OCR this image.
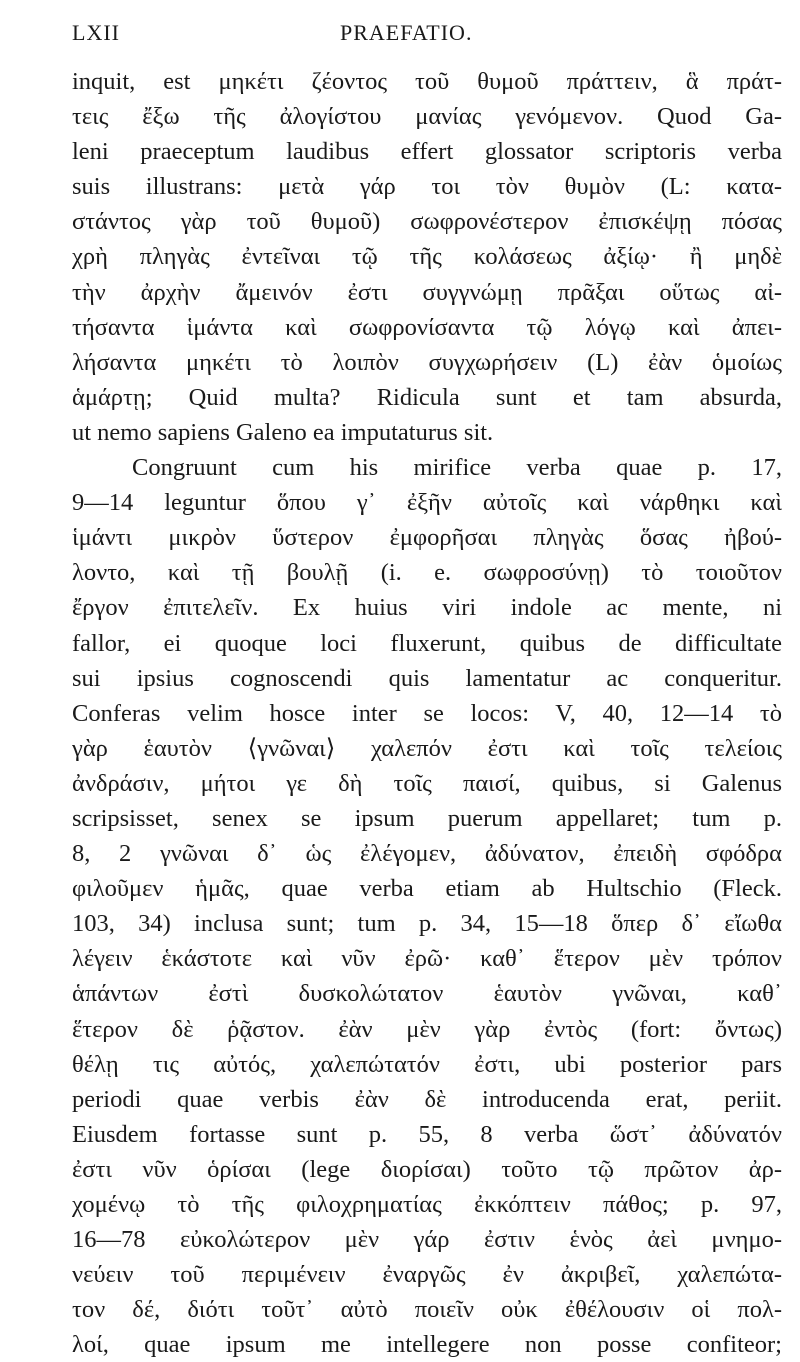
LXII	PRAEFATIO.
inquit, est μηκέτι ζέοντος τοῦ θυμοῦ πράττειν, ἃ πράτ-
τεις ἔξω τῆς ἀλογίστου μανίας γενόμενον. Quod Ga-
leni praeceptum laudibus effert glossator scriptoris verba
suis illustrans: μετὰ γάρ τοι τὸν θυμὸν (L: κατα-
στάντος γὰρ τοῦ θυμοῦ) σωφρονέστερον ἐπισκέψῃ πόσας
χρὴ πληγὰς ἐντεῖναι τῷ τῆς κολάσεως ἀξίῳ· ἢ μηδὲ
τὴν ἀρχὴν ἄμεινόν ἐστι συγγνώμῃ πρᾶξαι οὕτως αἰ-
τήσαντα ἱμάντα καὶ σωφρονίσαντα τῷ λόγῳ καὶ ἀπει-
λήσαντα μηκέτι τὸ λοιπὸν συγχωρήσειν (L) ἐὰν ὁμοίως
ἁμάρτῃ; Quid multa? Ridicula sunt et tam absurda,
ut nemo sapiens Galeno ea imputaturus sit.
Congruunt cum his mirifice verba quae p. 17,
9—14 leguntur ὅπου γ᾽ ἐξῆν αὐτοῖς καὶ νάρθηκι καὶ
ἱμάντι μικρὸν ὕστερον ἐμφορῆσαι πληγὰς ὅσας ἠβού-
λοντο, καὶ τῇ βουλῇ (i. e. σωφροσύνῃ) τὸ τοιοῦτον
ἔργον ἐπιτελεῖν. Ex huius viri indole ac mente, ni
fallor, ei quoque loci fluxerunt, quibus de difficultate
sui ipsius cognoscendi quis lamentatur ac conqueritur.
Conferas velim hosce inter se locos: V, 40, 12—14 τὸ
γὰρ ἑαυτὸν ⟨γνῶναι⟩ χαλεπόν ἐστι καὶ τοῖς τελείοις
ἀνδράσιν, μήτοι γε δὴ τοῖς παισί, quibus, si Galenus
scripsisset, senex se ipsum puerum appellaret; tum p.
8, 2 γνῶναι δ᾽ ὡς ἐλέγομεν, ἀδύνατον, ἐπειδὴ σφόδρα
φιλοῦμεν ἡμᾶς, quae verba etiam ab Hultschio (Fleck.
103, 34) inclusa sunt; tum p. 34, 15—18 ὅπερ δ᾽ εἴωθα
λέγειν ἑκάστοτε καὶ νῦν ἐρῶ· καθ᾽ ἕτερον μὲν τρόπον
ἁπάντων ἐστὶ δυσκολώτατον ἑαυτὸν γνῶναι, καθ᾽
ἕτερον δὲ ῥᾷστον. ἐὰν μὲν γὰρ ἐντὸς (fort: ὄντως)
θέλῃ τις αὐτός, χαλεπώτατόν ἐστι, ubi posterior pars
periodi quae verbis ἐὰν δὲ introducenda erat, periit.
Eiusdem fortasse sunt p. 55, 8 verba ὥστ᾽ ἀδύνατόν
ἐστι νῦν ὁρίσαι (lege διορίσαι) τοῦτο τῷ πρῶτον ἀρ-
χομένῳ τὸ τῆς φιλοχρηματίας ἐκκόπτειν πάθος; p. 97,
16—78 εὐκολώτερον μὲν γάρ ἐστιν ἑνὸς ἀεὶ μνημο-
νεύειν τοῦ περιμένειν ἐναργῶς ἐν ἀκριβεῖ, χαλεπώτα-
τον δέ, διότι τοῦτ᾽ αὐτὸ ποιεῖν οὐκ ἐθέλουσιν οἱ πολ-
λοί, quae ipsum me intellegere non posse confiteor;
